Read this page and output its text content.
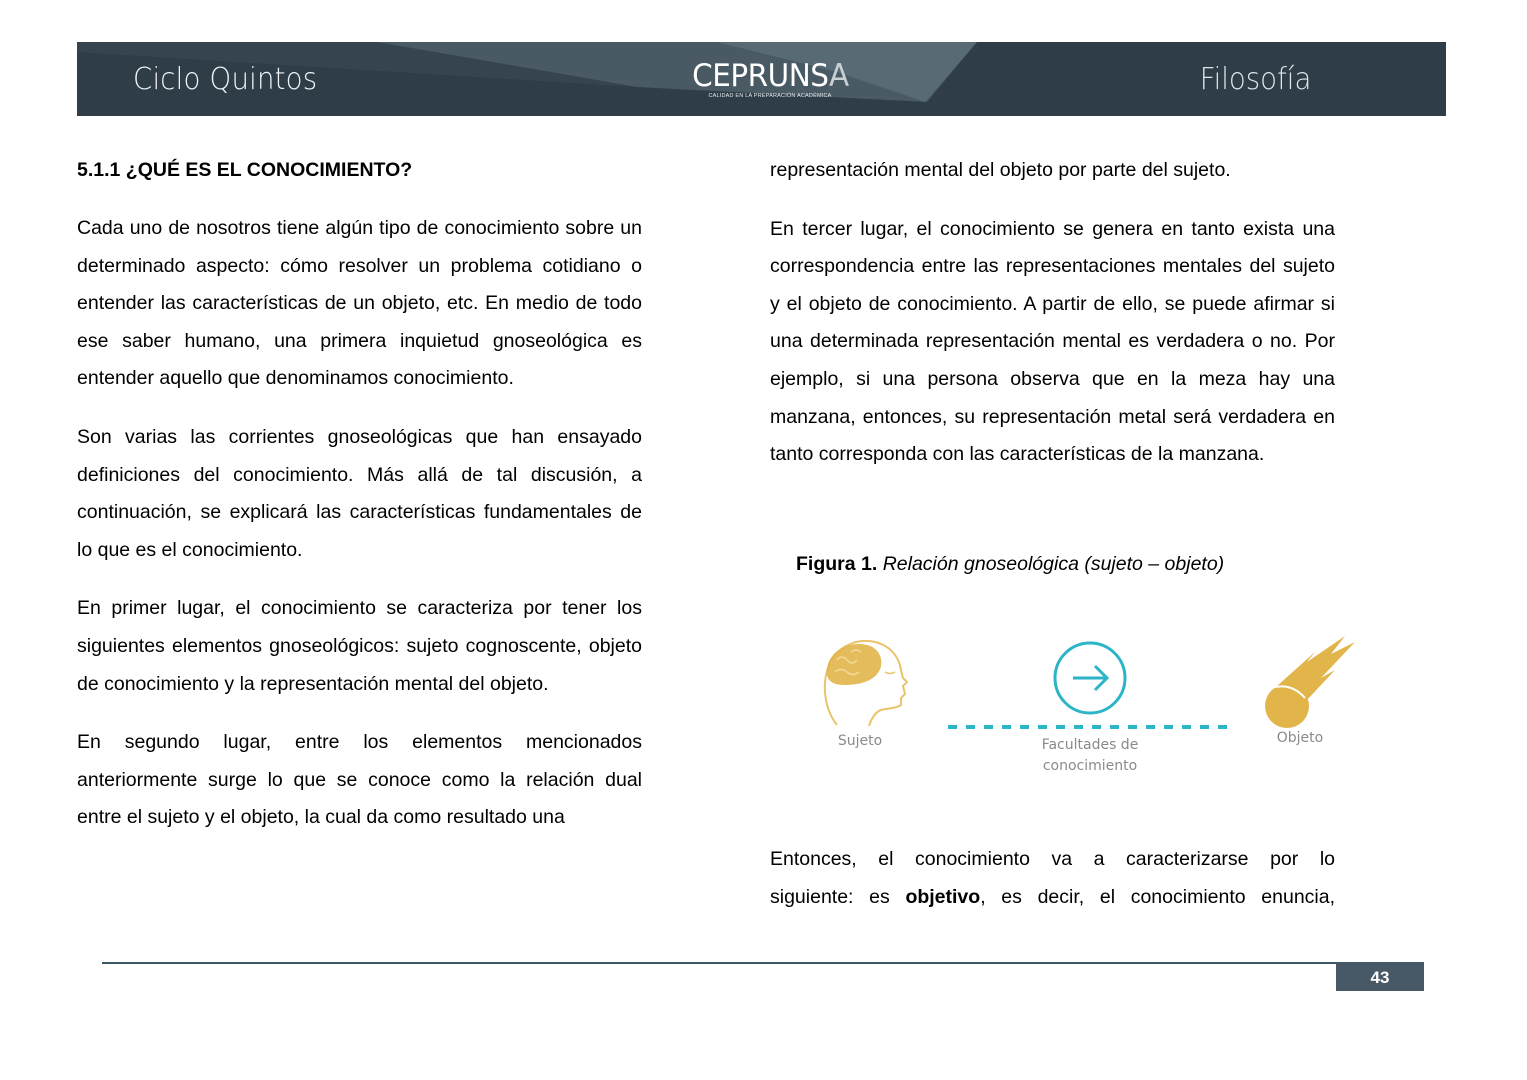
Ciclo Quintos	CEPRUNSA
CALIDAD EN LA PREPARACIÓN ACADÉMICA	Filosofía
5.1.1 ¿QUÉ ES EL CONOCIMIENTO?

Cada uno de nosotros tiene algún tipo de conocimiento sobre un determinado aspecto: cómo resolver un problema cotidiano o entender las características de un objeto, etc. En medio de todo ese saber humano, una primera inquietud gnoseológica es entender aquello que denominamos conocimiento.

Son varias las corrientes gnoseológicas que han ensayado definiciones del conocimiento. Más allá de tal discusión, a continuación, se explicará las características fundamentales de lo que es el conocimiento.

En primer lugar, el conocimiento se caracteriza por tener los siguientes elementos gnoseológicos: sujeto cognoscente, objeto de conocimiento y la representación mental del objeto.

En segundo lugar, entre los elementos mencionados anteriormente surge lo que se conoce como la relación dual entre el sujeto y el objeto, la cual da como resultado una

representación mental del objeto por parte del sujeto.

En tercer lugar, el conocimiento se genera en tanto exista una correspondencia entre las representaciones mentales del sujeto y el objeto de conocimiento. A partir de ello, se puede afirmar si una determinada representación mental es verdadera o no. Por ejemplo, si una persona observa que en la meza hay una manzana, entonces, su representación metal será verdadera en tanto corresponda con las características de la manzana.

Figura 1. Relación gnoseológica (sujeto – objeto)
Sujeto	Facultades de
conocimiento
Objeto

Entonces, el conocimiento va a caracterizarse por lo

siguiente: es objetivo, es decir, el conocimiento enuncia,

43
